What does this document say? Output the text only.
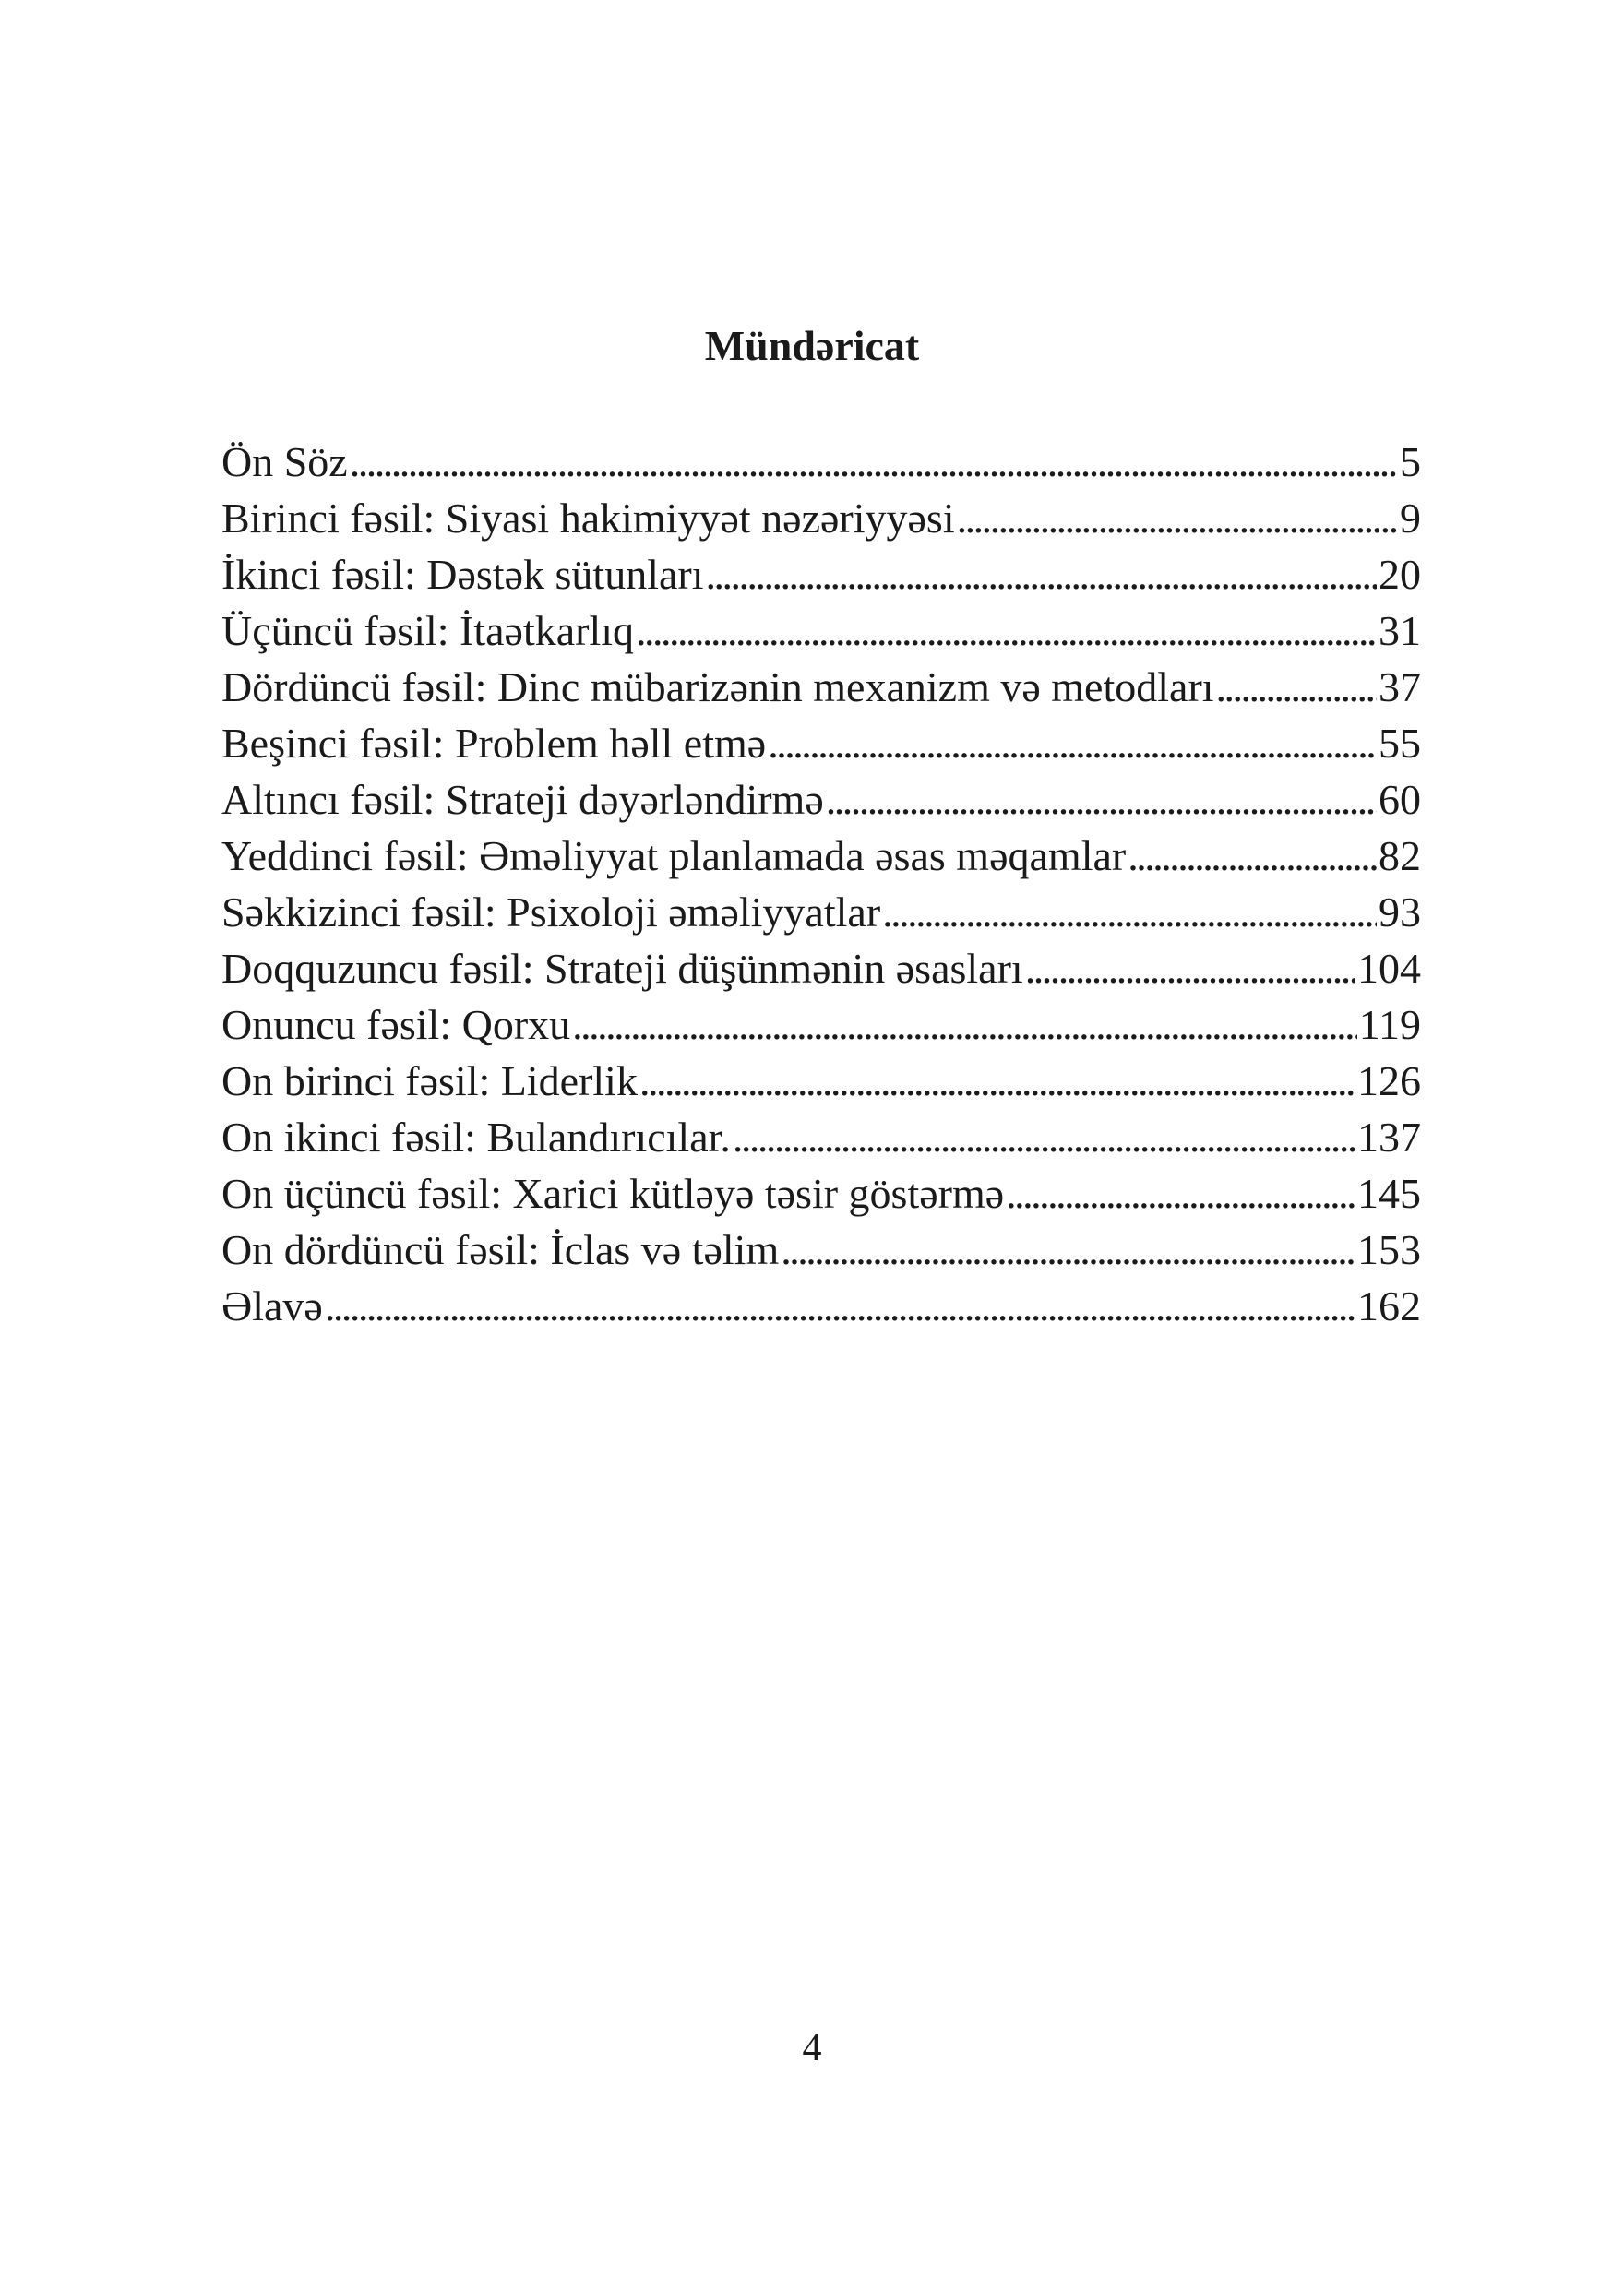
Mündəricat
Ön Söz . . .	5
Birinci fəsil: Siyasi hakimiyyət nəzəriyyəsi . . .	9
İkinci fəsil: Dəstək sütunları . . .	20
Üçüncü fəsil: İtaətkarlıq . . .	31
Dördüncü fəsil: Dinc mübarizənin mexanizm və metodları . . .	37
Beşinci fəsil: Problem həll etmə . . .	55
Altıncı fəsil: Strateji dəyərləndirmə . . .	60
Yeddinci fəsil: Əməliyyat planlamada əsas məqamlar . . .	82
Səkkizinci fəsil: Psixoloji əməliyyatlar . . .	93
Doqquzuncu fəsil: Strateji düşünmənin əsasları . . .	104
Onuncu fəsil: Qorxu . . .	119
On birinci fəsil: Liderlik . . .	126
On ikinci fəsil: Bulandırıcılar. . . .	137
On üçüncü fəsil: Xarici kütləyə təsir göstərmə . . .	145
On dördüncü fəsil: İclas və təlim . . .	153
Əlavə . . .	162
4
